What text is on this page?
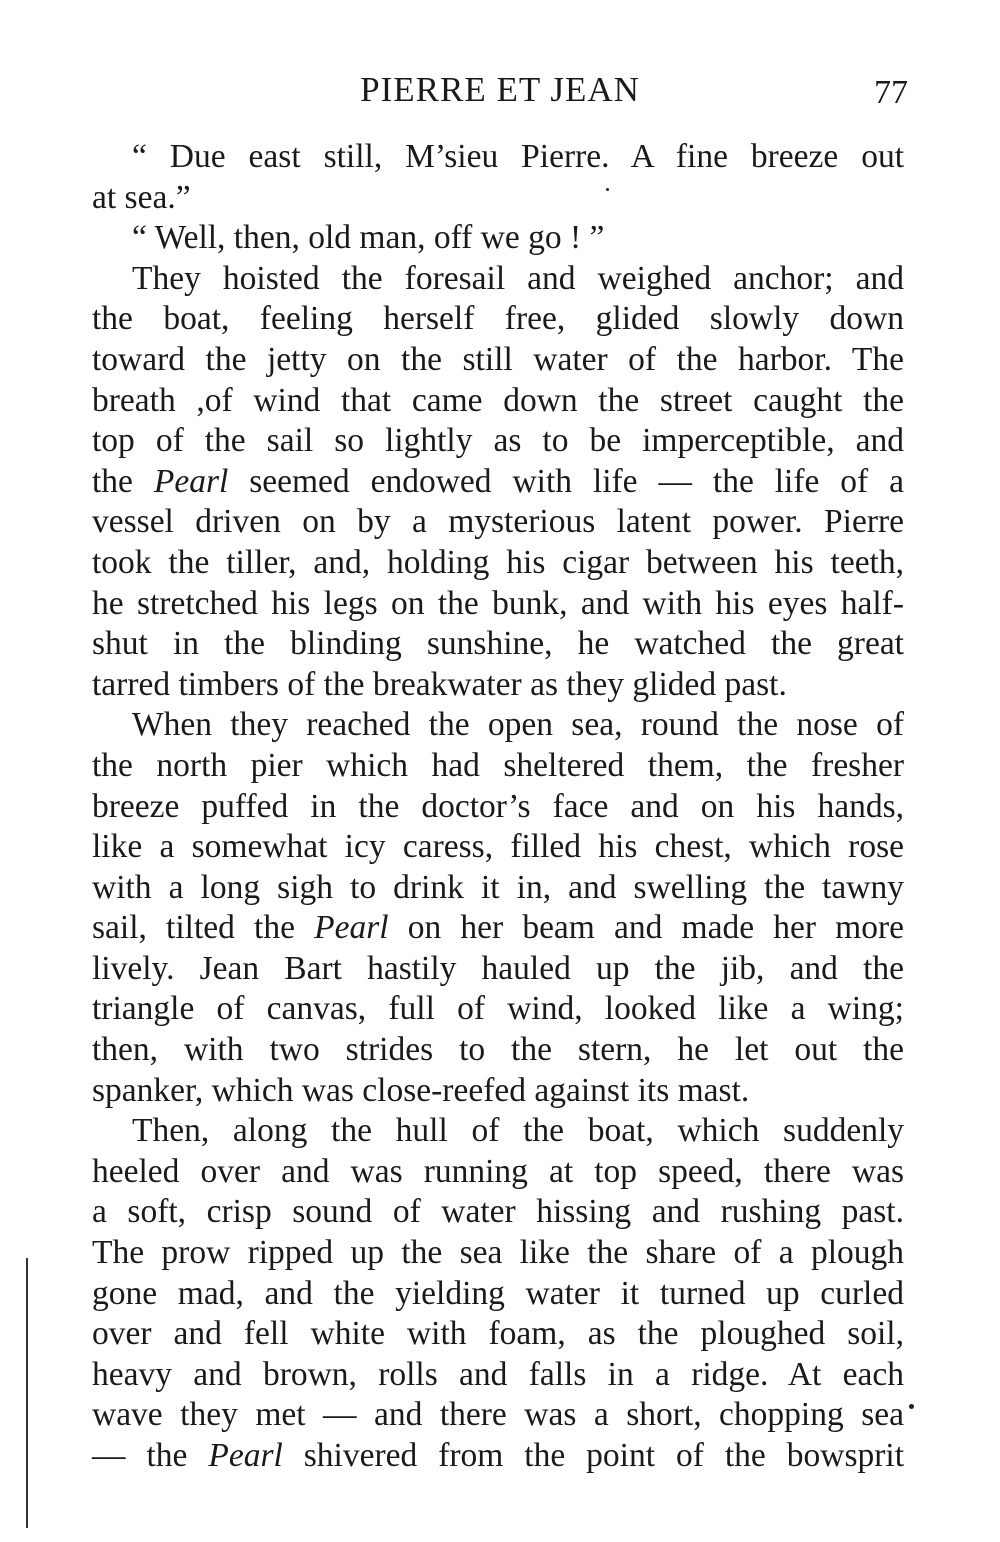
PIERRE ET JEAN	77
“ Due east still, M’sieu Pierre. A fine breeze out
at sea.”
“ Well, then, old man, off we go ! ”
They hoisted the foresail and weighed anchor; and
the boat, feeling herself free, glided slowly down
toward the jetty on the still water of the harbor. The
breath ,of wind that came down the street caught the
top of the sail so lightly as to be imperceptible, and
the Pearl seemed endowed with life — the life of a
vessel driven on by a mysterious latent power. Pierre
took the tiller, and, holding his cigar between his teeth,
he stretched his legs on the bunk, and with his eyes half-
shut in the blinding sunshine, he watched the great
tarred timbers of the breakwater as they glided past.
When they reached the open sea, round the nose of
the north pier which had sheltered them, the fresher
breeze puffed in the doctor’s face and on his hands,
like a somewhat icy caress, filled his chest, which rose
with a long sigh to drink it in, and swelling the tawny
sail, tilted the Pearl on her beam and made her more
lively. Jean Bart hastily hauled up the jib, and the
triangle of canvas, full of wind, looked like a wing;
then, with two strides to the stern, he let out the
spanker, which was close-reefed against its mast.
Then, along the hull of the boat, which suddenly
heeled over and was running at top speed, there was
a soft, crisp sound of water hissing and rushing past.
The prow ripped up the sea like the share of a plough
gone mad, and the yielding water it turned up curled
over and fell white with foam, as the ploughed soil,
heavy and brown, rolls and falls in a ridge. At each
wave they met — and there was a short, chopping sea
— the Pearl shivered from the point of the bowsprit
